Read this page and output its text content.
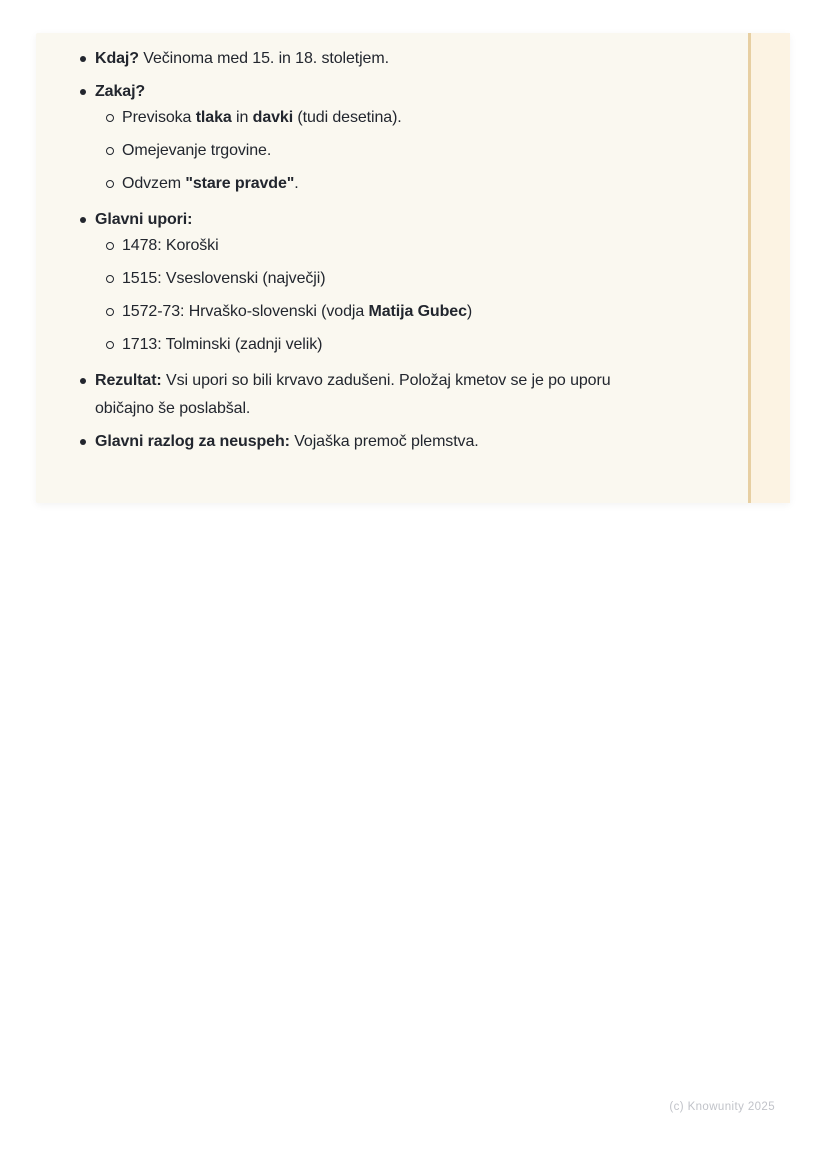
Kdaj? Večinoma med 15. in 18. stoletjem.
Zakaj?
Previsoka tlaka in davki (tudi desetina).
Omejevanje trgovine.
Odvzem "stare pravde".
Glavni upori:
1478: Koroški
1515: Vseslovenski (največji)
1572-73: Hrvaško-slovenski (vodja Matija Gubec)
1713: Tolminski (zadnji velik)
Rezultat: Vsi upori so bili krvavo zadušeni. Položaj kmetov se je po uporu običajno še poslabšal.
Glavni razlog za neuspeh: Vojaška premoč plemstva.
(c) Knowunity 2025
